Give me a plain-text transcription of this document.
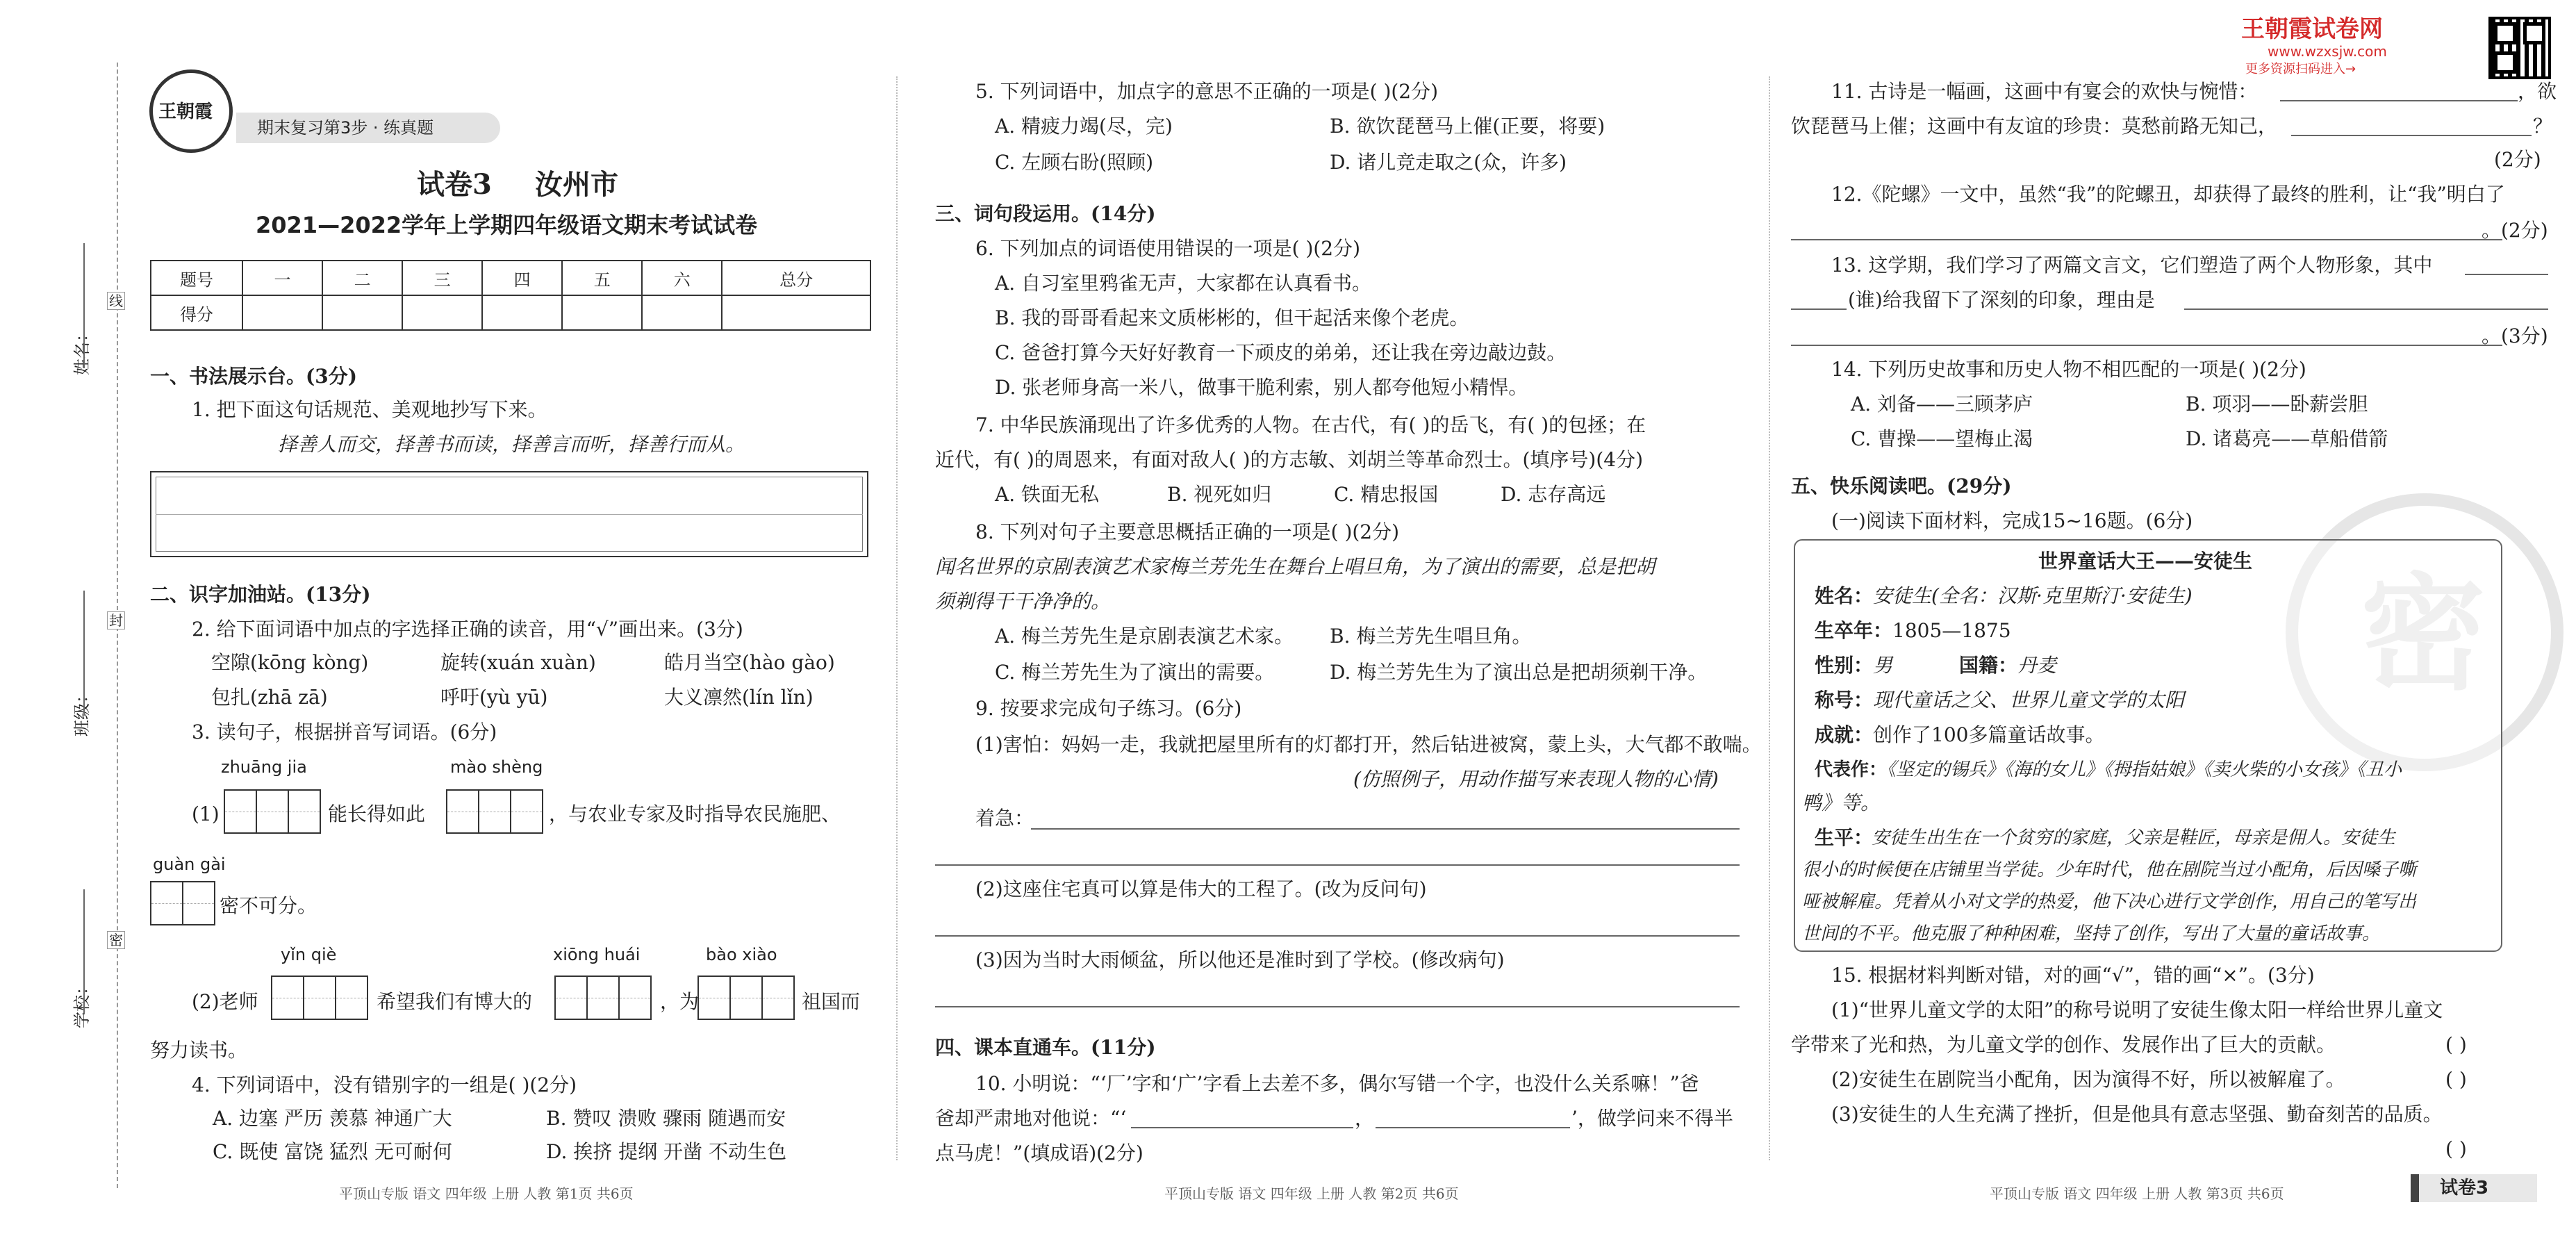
姓名：
班级：
学校：
线
封
密
王朝霞
期末复习第3步 · 练真题
试卷3 汝州市
2021—2022学年上学期四年级语文期末考试试卷
题号	一	二	三	四	五	六	总分
得分							
一、书法展示台。(3分)
1. 把下面这句话规范、美观地抄写下来。
择善人而交，择善书而读，择善言而听，择善行而从。
二、识字加油站。(13分)
2. 给下面词语中加点的字选择正确的读音，用“√”画出来。(3分)
空隙(kōng kòng)	旋转(xuán xuàn)	皓月当空(hào gào)
包扎(zhā zā)	呼吁(yù yū)	大义凛然(lín lǐn)
3. 读句子，根据拼音写词语。(6分)
zhuāng jia	mào shèng
(1)	能长得如此	，与农业专家及时指导农民施肥、
guàn gài
密不可分。
yǐn qiè	xiōng huái	bào xiào
(2)老师	希望我们有博大的	，为	祖国而
努力读书。
4. 下列词语中，没有错别字的一组是( )(2分)
A. 边塞 严历 羡慕 神通广大	B. 赞叹 溃败 骤雨 随遇而安
C. 既使 富饶 猛烈 无可耐何	D. 挨挤 提纲 开凿 不动生色
平顶山专版 语文 四年级 上册 人教 第1页 共6页
5. 下列词语中，加点字的意思不正确的一项是( )(2分)
A. 精疲力竭(尽，完)	B. 欲饮琵琶马上催(正要，将要)
C. 左顾右盼(照顾)	D. 诸儿竞走取之(众，许多)
三、词句段运用。(14分)
6. 下列加点的词语使用错误的一项是( )(2分)
A. 自习室里鸦雀无声，大家都在认真看书。
B. 我的哥哥看起来文质彬彬的，但干起活来像个老虎。
C. 爸爸打算今天好好教育一下顽皮的弟弟，还让我在旁边敲边鼓。
D. 张老师身高一米八，做事干脆利索，别人都夸他短小精悍。
7. 中华民族涌现出了许多优秀的人物。在古代，有( )的岳飞，有( )的包拯；在
近代，有( )的周恩来，有面对敌人( )的方志敏、刘胡兰等革命烈士。(填序号)(4分)
A. 铁面无私	B. 视死如归	C. 精忠报国	D. 志存高远
8. 下列对句子主要意思概括正确的一项是( )(2分)
闻名世界的京剧表演艺术家梅兰芳先生在舞台上唱旦角，为了演出的需要，总是把胡
须剃得干干净净的。
A. 梅兰芳先生是京剧表演艺术家。 B. 梅兰芳先生唱旦角。
C. 梅兰芳先生为了演出的需要。	D. 梅兰芳先生为了演出总是把胡须剃干净。
9. 按要求完成句子练习。(6分)
(1)害怕：妈妈一走，我就把屋里所有的灯都打开，然后钻进被窝，蒙上头，大气都不敢喘。
(仿照例子，用动作描写来表现人物的心情)
着急：
(2)这座住宅真可以算是伟大的工程了。(改为反问句)
(3)因为当时大雨倾盆，所以他还是准时到了学校。(修改病句)
四、课本直通车。(11分)
10. 小明说：“‘厂’字和‘广’字看上去差不多，偶尔写错一个字，也没什么关系嘛！”爸
爸却严肃地对他说：“‘	，	’，做学问来不得半
点马虎！”(填成语)(2分)
平顶山专版 语文 四年级 上册 人教 第2页 共6页
王朝霞试卷网
www.wzxsjw.com
更多资源扫码进入→
密
11. 古诗是一幅画，这画中有宴会的欢快与惋惜：	，欲
饮琵琶马上催；这画中有友谊的珍贵：莫愁前路无知己，	？
(2分)
12.《陀螺》一文中，虽然“我”的陀螺丑，却获得了最终的胜利，让“我”明白了
。(2分)
13. 这学期，我们学习了两篇文言文，它们塑造了两个人物形象，其中
(谁)给我留下了深刻的印象，理由是
。(3分)
14. 下列历史故事和历史人物不相匹配的一项是( )(2分)
A. 刘备——三顾茅庐	B. 项羽——卧薪尝胆
C. 曹操——望梅止渴	D. 诸葛亮——草船借箭
五、快乐阅读吧。(29分)
(一)阅读下面材料，完成15~16题。(6分)
世界童话大王——安徒生
姓名：安徒生(全名：汉斯·克里斯汀·安徒生)
生卒年：1805—1875
性别：男	国籍：丹麦
称号：现代童话之父、世界儿童文学的太阳
成就：创作了100多篇童话故事。
代表作：《坚定的锡兵》《海的女儿》《拇指姑娘》《卖火柴的小女孩》《丑小
鸭》等。
生平：
安徒生出生在一个贫穷的家庭，父亲是鞋匠，母亲是佣人。安徒生
很小的时候便在店铺里当学徒。少年时代，他在剧院当过小配角，后因嗓子嘶
哑被解雇。凭着从小对文学的热爱，他下决心进行文学创作，用自己的笔写出
世间的不平。他克服了种种困难，坚持了创作，写出了大量的童话故事。
15. 根据材料判断对错，对的画“√”，错的画“×”。(3分)
(1)“世界儿童文学的太阳”的称号说明了安徒生像太阳一样给世界儿童文
学带来了光和热，为儿童文学的创作、发展作出了巨大的贡献。	( )
(2)安徒生在剧院当小配角，因为演得不好，所以被解雇了。	( )
(3)安徒生的人生充满了挫折，但是他具有意志坚强、勤奋刻苦的品质。
( )
平顶山专版 语文 四年级 上册 人教 第3页 共6页	试卷3
